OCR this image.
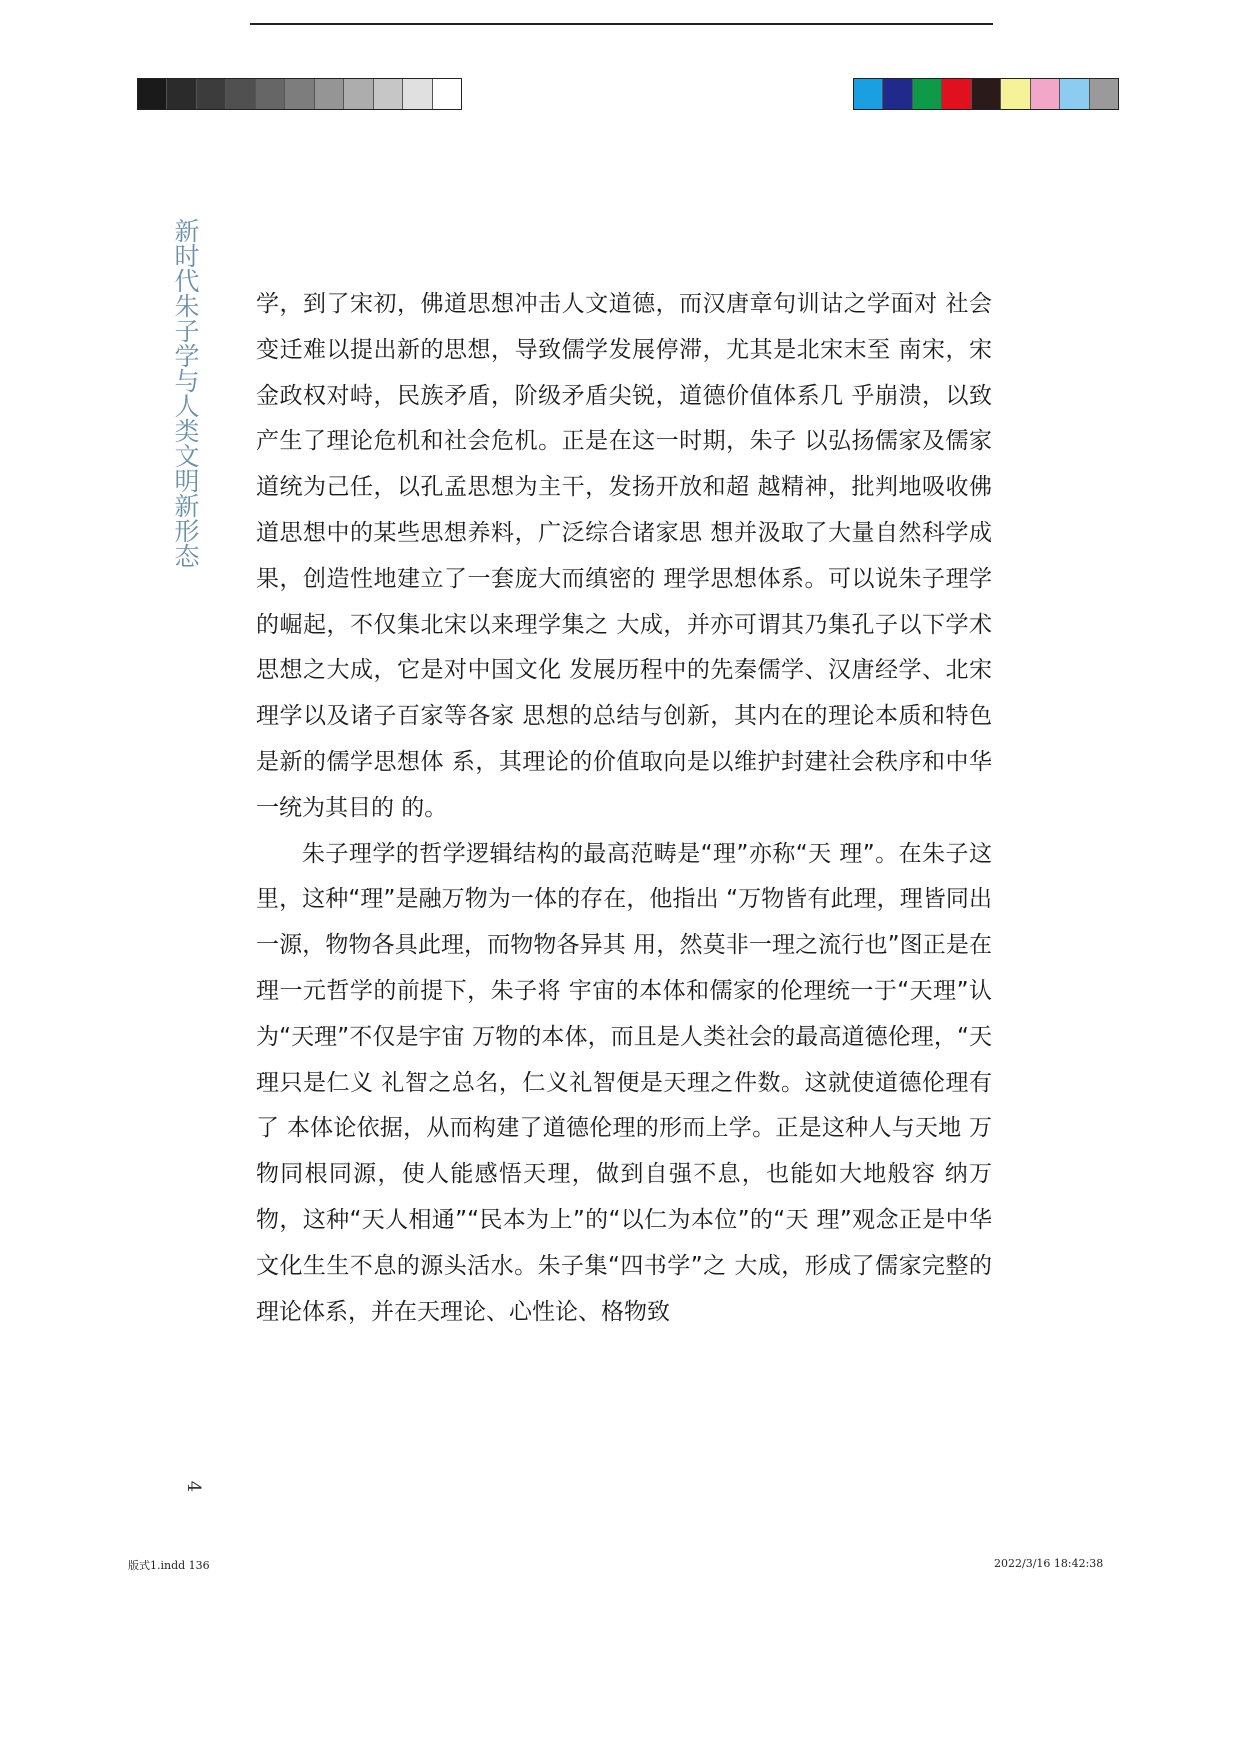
新时代朱子学与人类文明新形态 学，到了宋初，佛道思想冲击人文道德，而汉唐章句训诂之学面对 社会变迁难以提出新的思想，导致儒学发展停滞，尤其是北宋末至 南宋，宋金政权对峙，民族矛盾，阶级矛盾尖锐，道德价值体系几 乎崩溃，以致产生了理论危机和社会危机。正是在这一时期，朱子 以弘扬儒家及儒家道统为己任，以孔孟思想为主干，发扬开放和超 越精神，批判地吸收佛道思想中的某些思想养料，广泛综合诸家思 想并汲取了大量自然科学成果，创造性地建立了一套庞大而缜密的 理学思想体系。可以说朱子理学的崛起，不仅集北宋以来理学集之 大成，并亦可谓其乃集孔子以下学术思想之大成，它是对中国文化 发展历程中的先秦儒学、汉唐经学、北宋理学以及诸子百家等各家 思想的总结与创新，其内在的理论本质和特色是新的儒学思想体 系，其理论的价值取向是以维护封建社会秩序和中华一统为其目的 的。

朱子理学的哲学逻辑结构的最高范畴是“理”亦称“天 理”。在朱子这里，这种“理”是融万物为一体的存在，他指出 “万物皆有此理，理皆同出一源，物物各具此理，而物物各异其 用，然莫非一理之流行也”图正是在理一元哲学的前提下，朱子将 宇宙的本体和儒家的伦理统一于“天理”认为“天理”不仅是宇宙 万物的本体，而且是人类社会的最高道德伦理，“天理只是仁义 礼智之总名，仁义礼智便是天理之件数。这就使道德伦理有了 本体论依据，从而构建了道德伦理的形而上学。正是这种人与天地 万物同根同源，使人能感悟天理，做到自强不息，也能如大地般容 纳万物，这种“天人相通”“民本为上”的“以仁为本位”的“天 理”观念正是中华文化生生不息的源头活水。朱子集“四书学”之 大成，形成了儒家完整的理论体系，并在天理论、心性论、格物致

4
版式1.indd 136	2022/3/16 18:42:38
